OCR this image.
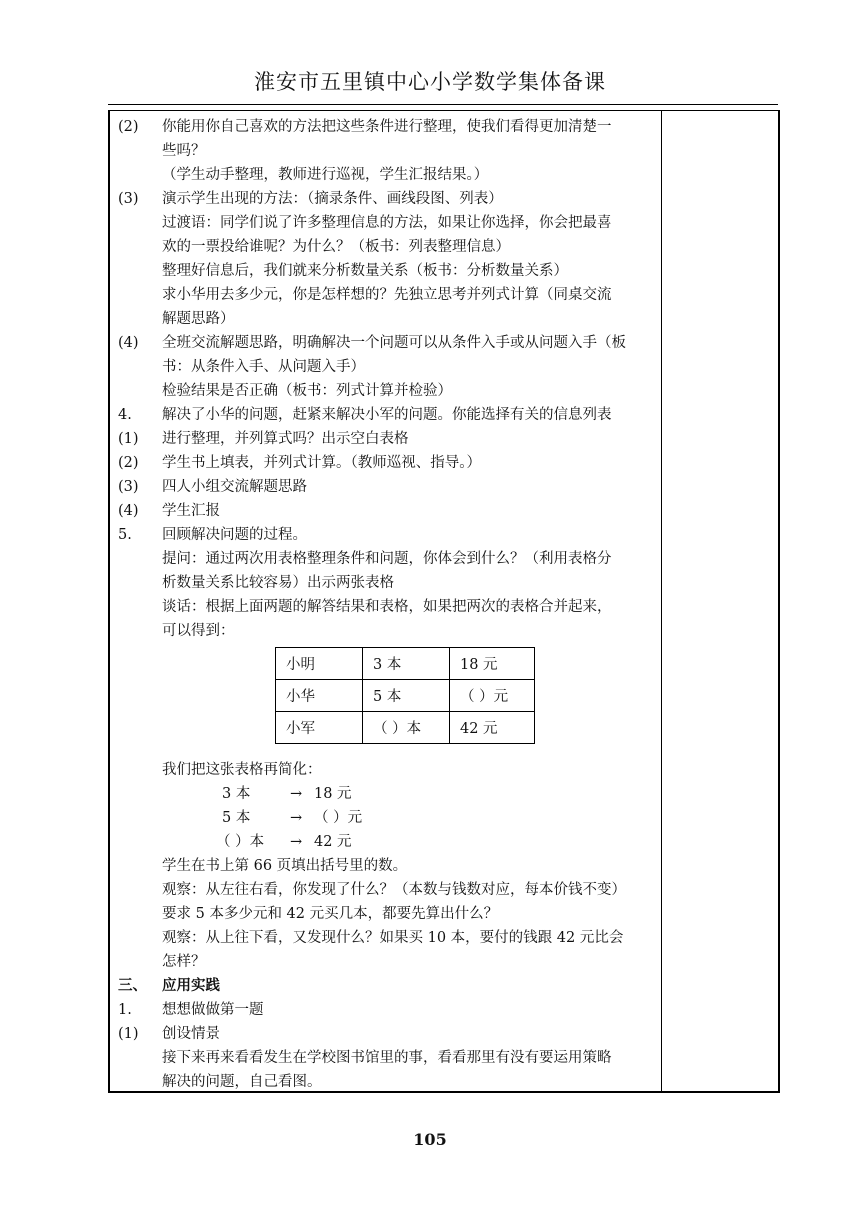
淮安市五里镇中心小学数学集体备课
(2) 你能用你自己喜欢的方法把这些条件进行整理，使我们看得更加清楚一
些吗？
（学生动手整理，教师进行巡视，学生汇报结果。）
(3) 演示学生出现的方法：（摘录条件、画线段图、列表）
过渡语：同学们说了许多整理信息的方法，如果让你选择，你会把最喜
欢的一票投给谁呢？为什么？（板书：列表整理信息）
整理好信息后，我们就来分析数量关系（板书：分析数量关系）
求小华用去多少元，你是怎样想的？先独立思考并列式计算（同桌交流
解题思路）
(4) 全班交流解题思路，明确解决一个问题可以从条件入手或从问题入手（板
书：从条件入手、从问题入手）
检验结果是否正确（板书：列式计算并检验）
4. 解决了小华的问题，赶紧来解决小军的问题。你能选择有关的信息列表
(1) 进行整理，并列算式吗？出示空白表格
(2) 学生书上填表，并列式计算。（教师巡视、指导。）
(3) 四人小组交流解题思路
(4) 学生汇报
5. 回顾解决问题的过程。
提问：通过两次用表格整理条件和问题，你体会到什么？（利用表格分
析数量关系比较容易）出示两张表格
谈话：根据上面两题的解答结果和表格，如果把两次的表格合并起来，
可以得到：
小明	3 本	18 元
小华	5 本	（ ）元
小军	（ ）本	42 元
我们把这张表格再简化：
3 本	→ 18 元
5 本	→ （ ）元
（ ）本 → 42 元
学生在书上第 66 页填出括号里的数。
观察：从左往右看，你发现了什么？（本数与钱数对应，每本价钱不变）
要求 5 本多少元和 42 元买几本，都要先算出什么？
观察：从上往下看，又发现什么？如果买 10 本，要付的钱跟 42 元比会
怎样？
三、 应用实践
1. 想想做做第一题
(1) 创设情景
接下来再来看看发生在学校图书馆里的事，看看那里有没有要运用策略
解决的问题，自己看图。
105
